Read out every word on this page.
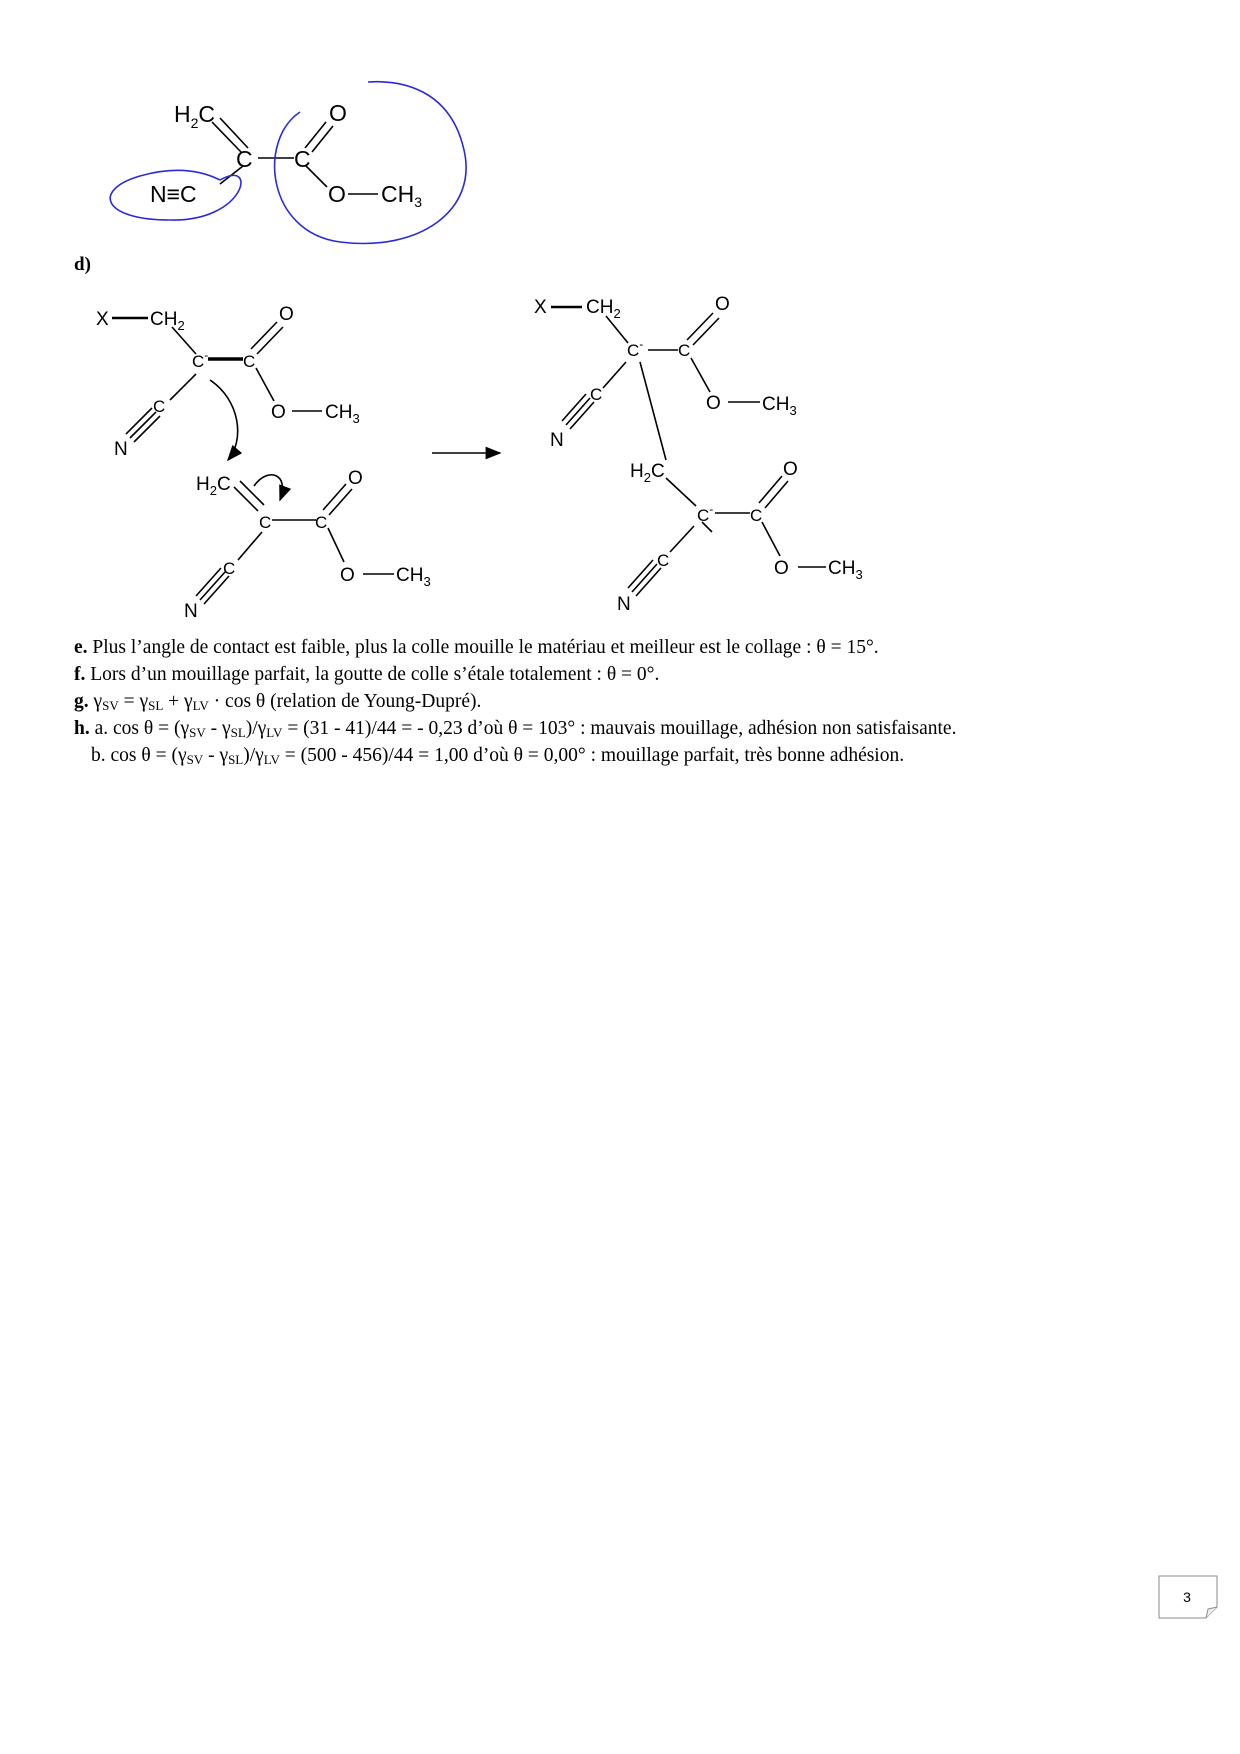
$H_2C$
C C
O
N≡C	O $CH_3$
d)
X $CH_2$
C- C
O
O $CH_3$
C
N
$H_2C$
C	C
O
O $CH_3$
C
N
X $CH_2$
C- C
O
O $CH_3$
C
N
$H_2C$
C- C
O
O $CH_3$
C
N
e. Plus l’angle de contact est faible, plus la colle mouille le matériau et meilleur est le collage : θ = 15°.
f. Lors d’un mouillage parfait, la goutte de colle s’étale totalement : θ = 0°.
g. $\gamma_{SV} = \gamma_{SL} + \gamma_{LV} \cdot \cos \theta$ (relation de Young-Dupré).
h. a. $\cos \theta = (\gamma_{SV} - \gamma_{SL})/\gamma_{LV} = (31 - 41)/44$ = - 0,23 d’où θ = 103° : mauvais mouillage, adhésion non satisfaisante.
b. $\cos \theta = (\gamma_{SV} - \gamma_{SL})/\gamma_{LV} = (500 - 456)/44 = 1,00$ d’où θ = 0,00° : mouillage parfait, très bonne adhésion.
3
